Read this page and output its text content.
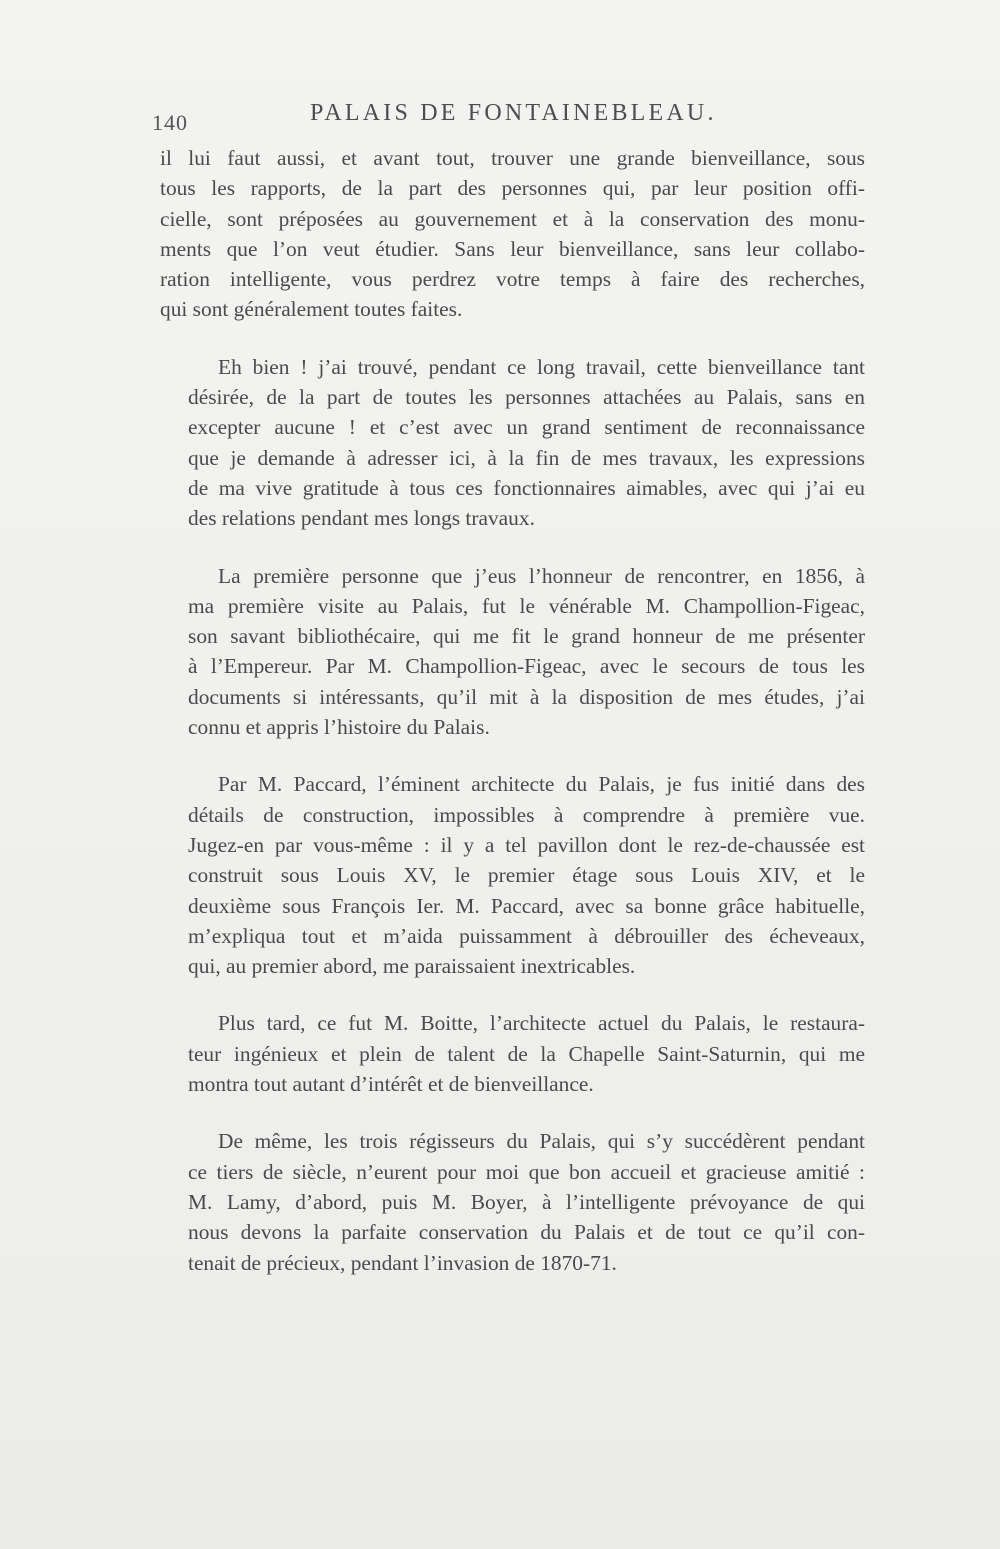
140	PALAIS DE FONTAINEBLEAU.

il lui faut aussi, et avant tout, trouver une grande bienveillance, sous
tous les rapports, de la part des personnes qui, par leur position offi-
cielle, sont préposées au gouvernement et à la conservation des monu-
ments que l’on veut étudier. Sans leur bienveillance, sans leur collabo-
ration intelligente, vous perdrez votre temps à faire des recherches,
qui sont généralement toutes faites.

Eh bien ! j’ai trouvé, pendant ce long travail, cette bienveillance tant
désirée, de la part de toutes les personnes attachées au Palais, sans en
excepter aucune ! et c’est avec un grand sentiment de reconnaissance
que je demande à adresser ici, à la fin de mes travaux, les expressions
de ma vive gratitude à tous ces fonctionnaires aimables, avec qui j’ai eu
des relations pendant mes longs travaux.

La première personne que j’eus l’honneur de rencontrer, en 1856, à
ma première visite au Palais, fut le vénérable M. Champollion-Figeac,
son savant bibliothécaire, qui me fit le grand honneur de me présenter
à l’Empereur. Par M. Champollion-Figeac, avec le secours de tous les
documents si intéressants, qu’il mit à la disposition de mes études, j’ai
connu et appris l’histoire du Palais.

Par M. Paccard, l’éminent architecte du Palais, je fus initié dans des
détails de construction, impossibles à comprendre à première vue.
Jugez-en par vous-même : il y a tel pavillon dont le rez-de-chaussée est
construit sous Louis XV, le premier étage sous Louis XIV, et le
deuxième sous François Ier. M. Paccard, avec sa bonne grâce habituelle,
m’expliqua tout et m’aida puissamment à débrouiller des écheveaux,
qui, au premier abord, me paraissaient inextricables.

Plus tard, ce fut M. Boitte, l’architecte actuel du Palais, le restaura-
teur ingénieux et plein de talent de la Chapelle Saint-Saturnin, qui me
montra tout autant d’intérêt et de bienveillance.

De même, les trois régisseurs du Palais, qui s’y succédèrent pendant
ce tiers de siècle, n’eurent pour moi que bon accueil et gracieuse amitié :
M. Lamy, d’abord, puis M. Boyer, à l’intelligente prévoyance de qui
nous devons la parfaite conservation du Palais et de tout ce qu’il con-
tenait de précieux, pendant l’invasion de 1870-71.
